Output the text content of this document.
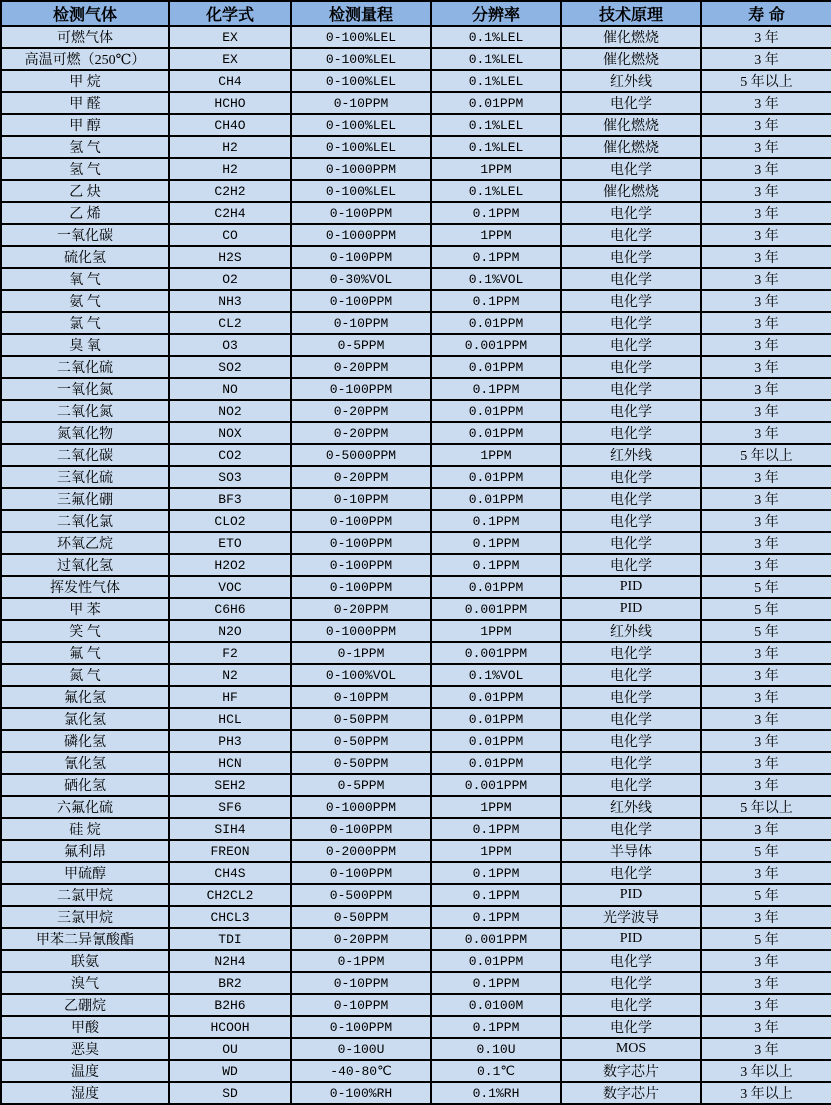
检测气体	化学式	检测量程	分辨率	技术原理	寿 命
可燃气体	EX	0-100%LEL	0.1%LEL	催化燃烧	3 年
高温可燃（250℃）	EX	0-100%LEL	0.1%LEL	催化燃烧	3 年
甲 烷	CH4	0-100%LEL	0.1%LEL	红外线	5 年以上
甲 醛	HCHO	0-10PPM	0.01PPM	电化学	3 年
甲 醇	CH4O	0-100%LEL	0.1%LEL	催化燃烧	3 年
氢 气	H2	0-100%LEL	0.1%LEL	催化燃烧	3 年
氢 气	H2	0-1000PPM	1PPM	电化学	3 年
乙 炔	C2H2	0-100%LEL	0.1%LEL	催化燃烧	3 年
乙 烯	C2H4	0-100PPM	0.1PPM	电化学	3 年
一氧化碳	CO	0-1000PPM	1PPM	电化学	3 年
硫化氢	H2S	0-100PPM	0.1PPM	电化学	3 年
氧 气	O2	0-30%VOL	0.1%VOL	电化学	3 年
氨 气	NH3	0-100PPM	0.1PPM	电化学	3 年
氯 气	CL2	0-10PPM	0.01PPM	电化学	3 年
臭 氧	O3	0-5PPM	0.001PPM	电化学	3 年
二氧化硫	SO2	0-20PPM	0.01PPM	电化学	3 年
一氧化氮	NO	0-100PPM	0.1PPM	电化学	3 年
二氧化氮	NO2	0-20PPM	0.01PPM	电化学	3 年
氮氧化物	NOX	0-20PPM	0.01PPM	电化学	3 年
二氧化碳	CO2	0-5000PPM	1PPM	红外线	5 年以上
三氧化硫	SO3	0-20PPM	0.01PPM	电化学	3 年
三氟化硼	BF3	0-10PPM	0.01PPM	电化学	3 年
二氧化氯	CLO2	0-100PPM	0.1PPM	电化学	3 年
环氧乙烷	ETO	0-100PPM	0.1PPM	电化学	3 年
过氧化氢	H2O2	0-100PPM	0.1PPM	电化学	3 年
挥发性气体	VOC	0-100PPM	0.01PPM	PID	5 年
甲 苯	C6H6	0-20PPM	0.001PPM	PID	5 年
笑 气	N2O	0-1000PPM	1PPM	红外线	5 年
氟 气	F2	0-1PPM	0.001PPM	电化学	3 年
氮 气	N2	0-100%VOL	0.1%VOL	电化学	3 年
氟化氢	HF	0-10PPM	0.01PPM	电化学	3 年
氯化氢	HCL	0-50PPM	0.01PPM	电化学	3 年
磷化氢	PH3	0-50PPM	0.01PPM	电化学	3 年
氰化氢	HCN	0-50PPM	0.01PPM	电化学	3 年
硒化氢	SEH2	0-5PPM	0.001PPM	电化学	3 年
六氟化硫	SF6	0-1000PPM	1PPM	红外线	5 年以上
硅 烷	SIH4	0-100PPM	0.1PPM	电化学	3 年
氟利昂	FREON	0-2000PPM	1PPM	半导体	5 年
甲硫醇	CH4S	0-100PPM	0.1PPM	电化学	3 年
二氯甲烷	CH2CL2	0-500PPM	0.1PPM	PID	5 年
三氯甲烷	CHCL3	0-50PPM	0.1PPM	光学波导	3 年
甲苯二异氰酸酯	TDI	0-20PPM	0.001PPM	PID	5 年
联氨	N2H4	0-1PPM	0.01PPM	电化学	3 年
溴气	BR2	0-10PPM	0.1PPM	电化学	3 年
乙硼烷	B2H6	0-10PPM	0.0100M	电化学	3 年
甲酸	HCOOH	0-100PPM	0.1PPM	电化学	3 年
恶臭	OU	0-100U	0.10U	MOS	3 年
温度	WD	-40-80℃	0.1℃	数字芯片	3 年以上
湿度	SD	0-100%RH	0.1%RH	数字芯片	3 年以上
